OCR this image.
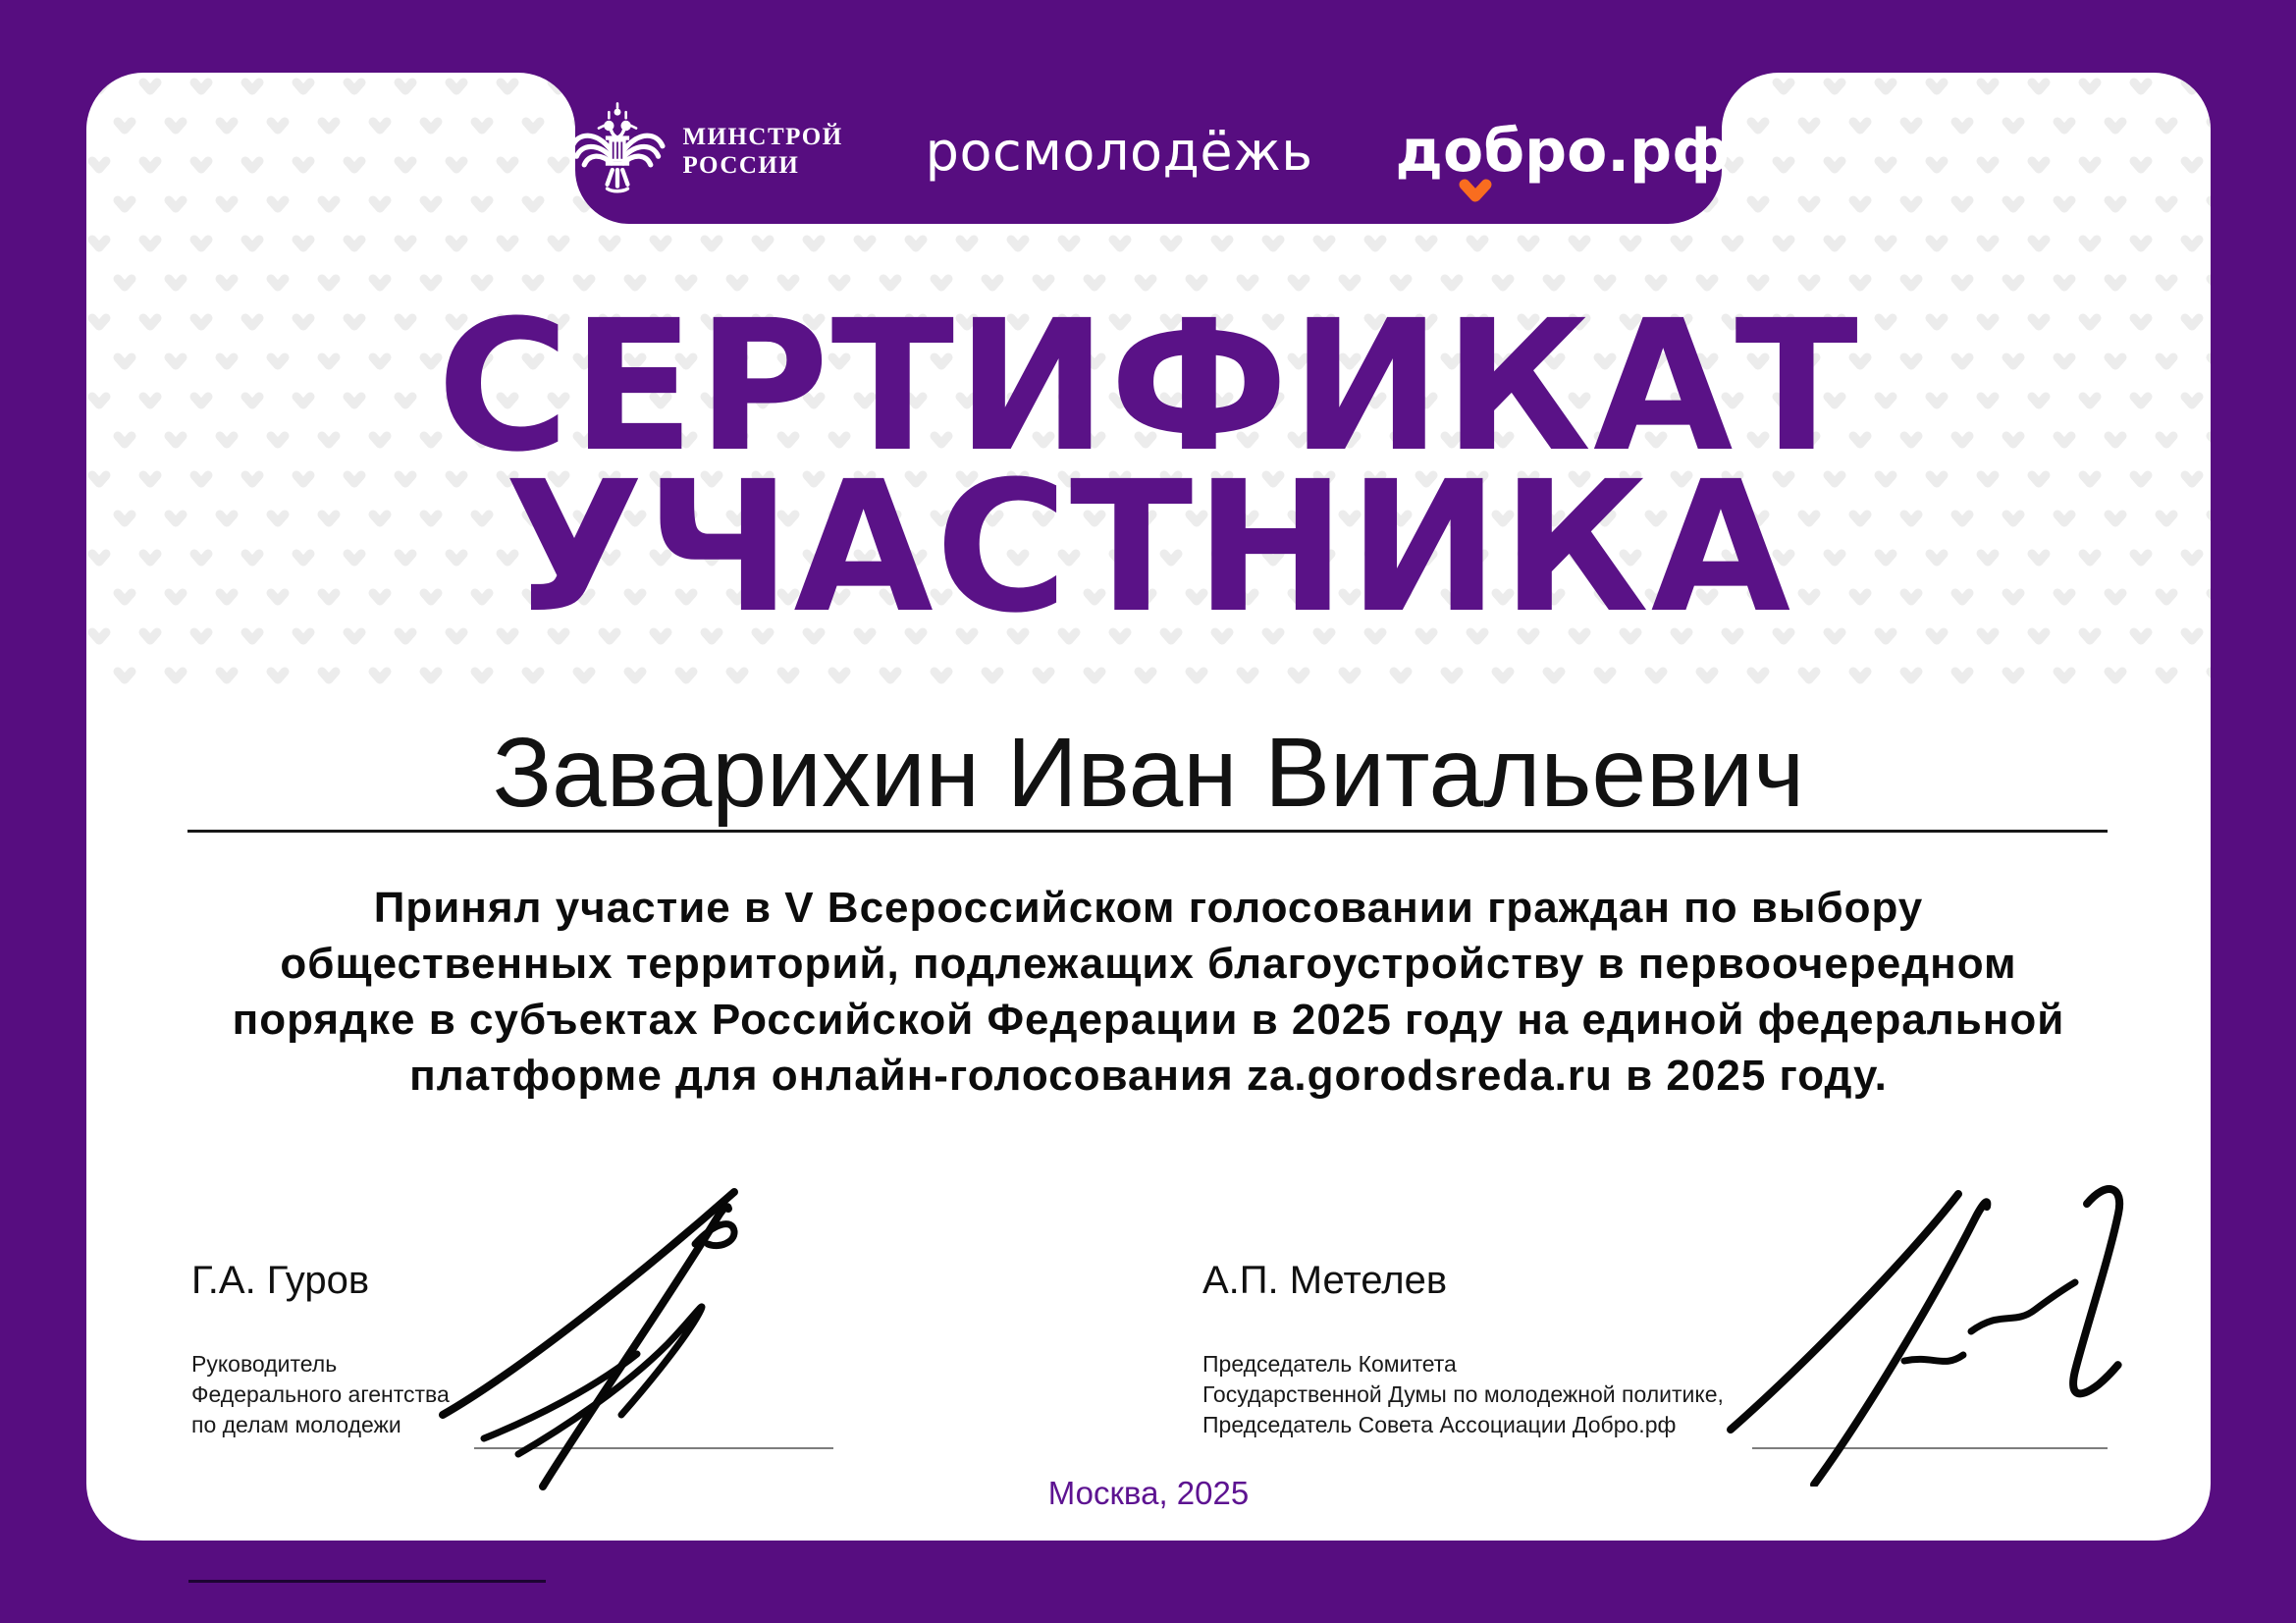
МИНСТРОЙ
РОССИИ	росмолодёжь добро.рф
СЕРТИФИКАТ
УЧАСТНИКА
Заварихин Иван Витальевич
Принял участие в V Всероссийском голосовании граждан по выбору
общественных территорий, подлежащих благоустройству в первоочередном
порядке в субъектах Российской Федерации в 2025 году на единой федеральной
платформе для онлайн-голосования za.gorodsreda.ru в 2025 году.
Г.А. Гуров
Руководитель
Федерального агентства
по делам молодежи
А.П. Метелев
Председатель Комитета
Государственной Думы по молодежной политике,
Председатель Совета Ассоциации Добро.рф
Москва, 2025
